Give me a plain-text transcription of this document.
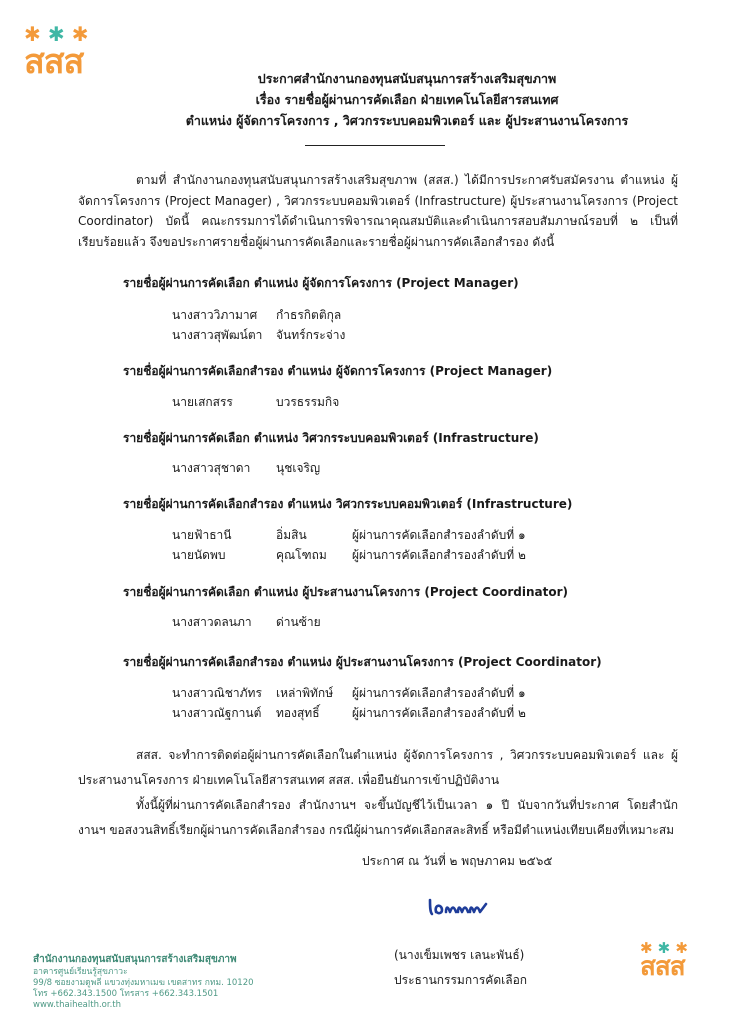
✱ ✱ ✱
สสส	ประกาศสำนักงานกองทุนสนับสนุนการสร้างเสริมสุขภาพ
เรื่อง รายชื่อผู้ผ่านการคัดเลือก ฝ่ายเทคโนโลยีสารสนเทศ
ตำแหน่ง ผู้จัดการโครงการ , วิศวกรระบบคอมพิวเตอร์ และ ผู้ประสานงานโครงการ

ตามที่ สำนักงานกองทุนสนับสนุนการสร้างเสริมสุขภาพ (สสส.) ได้มีการประกาศรับสมัครงาน ตำแหน่ง ผู้จัดการโครงการ (Project Manager) , วิศวกรระบบคอมพิวเตอร์ (Infrastructure) ผู้ประสานงานโครงการ (Project Coordinator) บัดนี้ คณะกรรมการได้ดำเนินการพิจารณาคุณสมบัติและดำเนินการสอบสัมภาษณ์รอบที่ ๒ เป็นที่เรียบร้อยแล้ว จึงขอประกาศรายชื่อผู้ผ่านการคัดเลือกและรายชื่อผู้ผ่านการคัดเลือกสำรอง ดังนี้

รายชื่อผู้ผ่านการคัดเลือก ตำแหน่ง ผู้จัดการโครงการ (Project Manager)
นางสาววิภามาศ กำธรกิตติกุล
นางสาวสุพัฒน์ตา จันทร์กระจ่าง
รายชื่อผู้ผ่านการคัดเลือกสำรอง ตำแหน่ง ผู้จัดการโครงการ (Project Manager)
นายเสกสรร	บวรธรรมกิจ
รายชื่อผู้ผ่านการคัดเลือก ตำแหน่ง วิศวกรระบบคอมพิวเตอร์ (Infrastructure)
นางสาวสุชาดา นุชเจริญ
รายชื่อผู้ผ่านการคัดเลือกสำรอง ตำแหน่ง วิศวกรระบบคอมพิวเตอร์ (Infrastructure)
นายฟ้าธานี	อิ่มสิน	ผู้ผ่านการคัดเลือกสำรองลำดับที่ ๑
นายนัดพบ	คุณโฑถม ผู้ผ่านการคัดเลือกสำรองลำดับที่ ๒
รายชื่อผู้ผ่านการคัดเลือก ตำแหน่ง ผู้ประสานงานโครงการ (Project Coordinator)
นางสาวดลนภา ด่านซ้าย
รายชื่อผู้ผ่านการคัดเลือกสำรอง ตำแหน่ง ผู้ประสานงานโครงการ (Project Coordinator)
นางสาวณิชาภัทร เหล่าพิทักษ์ ผู้ผ่านการคัดเลือกสำรองลำดับที่ ๑
นางสาวณัฐกานต์ ทองสุทธิ์	ผู้ผ่านการคัดเลือกสำรองลำดับที่ ๒

สสส. จะทำการติดต่อผู้ผ่านการคัดเลือกในตำแหน่ง ผู้จัดการโครงการ , วิศวกรระบบคอมพิวเตอร์ และ ผู้ประสานงานโครงการ ฝ่ายเทคโนโลยีสารสนเทศ สสส. เพื่อยืนยันการเข้าปฏิบัติงาน

ทั้งนี้ผู้ที่ผ่านการคัดเลือกสำรอง สำนักงานฯ จะขึ้นบัญชีไว้เป็นเวลา ๑ ปี นับจากวันที่ประกาศ โดยสำนักงานฯ ขอสงวนสิทธิ์เรียกผู้ผ่านการคัดเลือกสำรอง กรณีผู้ผ่านการคัดเลือกสละสิทธิ์ หรือมีตำแหน่งเทียบเคียงที่เหมาะสม

ประกาศ ณ วันที่ ๒ พฤษภาคม ๒๕๖๕
(นางเข็มเพชร เลนะพันธ์)
ประธานกรรมการคัดเลือก
สำนักงานกองทุนสนับสนุนการสร้างเสริมสุขภาพ
อาคารศูนย์เรียนรู้สุขภาวะ
99/8 ซอยงามดูพลี แขวงทุ่งมหาเมฆ เขตสาทร กทม. 10120
โทร +662.343.1500 โทรสาร +662.343.1501
www.thaihealth.or.th
✱ ✱ ✱
สสส
